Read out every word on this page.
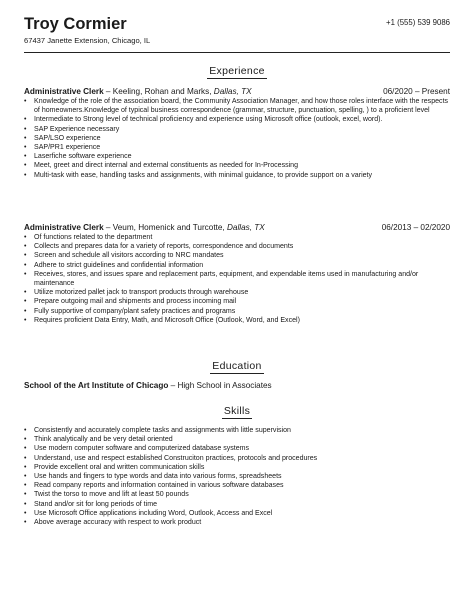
Troy Cormier
67437 Janette Extension, Chicago, IL
+1 (555) 539 9086
Experience
Administrative Clerk – Keeling, Rohan and Marks, Dallas, TX	06/2020 – Present
• Knowledge of the role of the association board, the Community Association Manager, and how those roles interface with the respects of homeowners.Knowledge of typical business correspondence (grammar, structure, punctuation, spelling, ) to a proficient level
• Intermediate to Strong level of technical proficiency and experience using Microsoft office (outlook, excel, word).
• SAP Experience necessary
• SAP/LSO experience
• SAP/PR1 experience
• Laserfiche software experience
• Meet, greet and direct internal and external constituents as needed for In-Processing
• Multi-task with ease, handling tasks and assignments, with minimal guidance, to provide support on a variety
Administrative Clerk – Veum, Homenick and Turcotte, Dallas, TX	06/2013 – 02/2020
• Of functions related to the department
• Collects and prepares data for a variety of reports, correspondence and documents
• Screen and schedule all visitors according to NRC mandates
• Adhere to strict guidelines and confidential information
• Receives, stores, and issues spare and replacement parts, equipment, and expendable items used in manufacturing and/or maintenance
• Utilize motorized pallet jack to transport products through warehouse
• Prepare outgoing mail and shipments and process incoming mail
• Fully supportive of company/plant safety practices and programs
• Requires proficient Data Entry, Math, and Microsoft Office (Outlook, Word, and Excel)
Education
School of the Art Institute of Chicago – High School in Associates
Skills
• Consistently and accurately complete tasks and assignments with little supervision
• Think analytically and be very detail oriented
• Use modern computer software and computerized database systems
• Understand, use and respect established Construciton practices, protocols and procedures
• Provide excellent oral and written communication skills
• Use hands and fingers to type words and data into various forms, spreadsheets
• Read company reports and information contained in various software databases
• Twist the torso to move and lift at least 50 pounds
• Stand and/or sit for long periods of time
• Use Microsoft Office applications including Word, Outlook, Access and Excel
• Above average accuracy with respect to work product
